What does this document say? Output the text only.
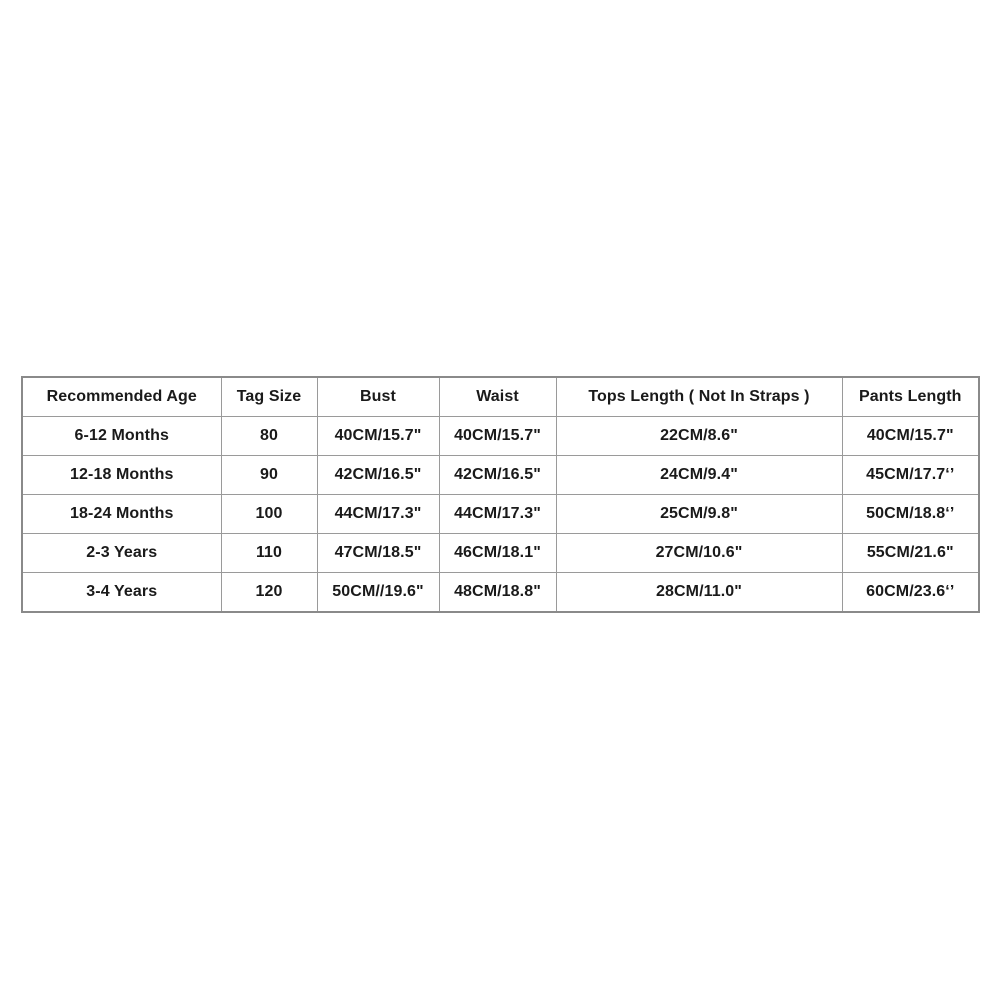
Recommended Age	Tag Size	Bust	Waist	Tops Length ( Not In Straps )	Pants Length
6-12 Months	80	40CM/15.7"	40CM/15.7"	22CM/8.6"	40CM/15.7"
12-18 Months	90	42CM/16.5"	42CM/16.5"	24CM/9.4"	45CM/17.7‘’
18-24 Months	100	44CM/17.3"	44CM/17.3"	25CM/9.8"	50CM/18.8‘’
2-3 Years	110	47CM/18.5"	46CM/18.1"	27CM/10.6"	55CM/21.6"
3-4 Years	120	50CM//19.6"	48CM/18.8"	28CM/11.0"	60CM/23.6‘’
